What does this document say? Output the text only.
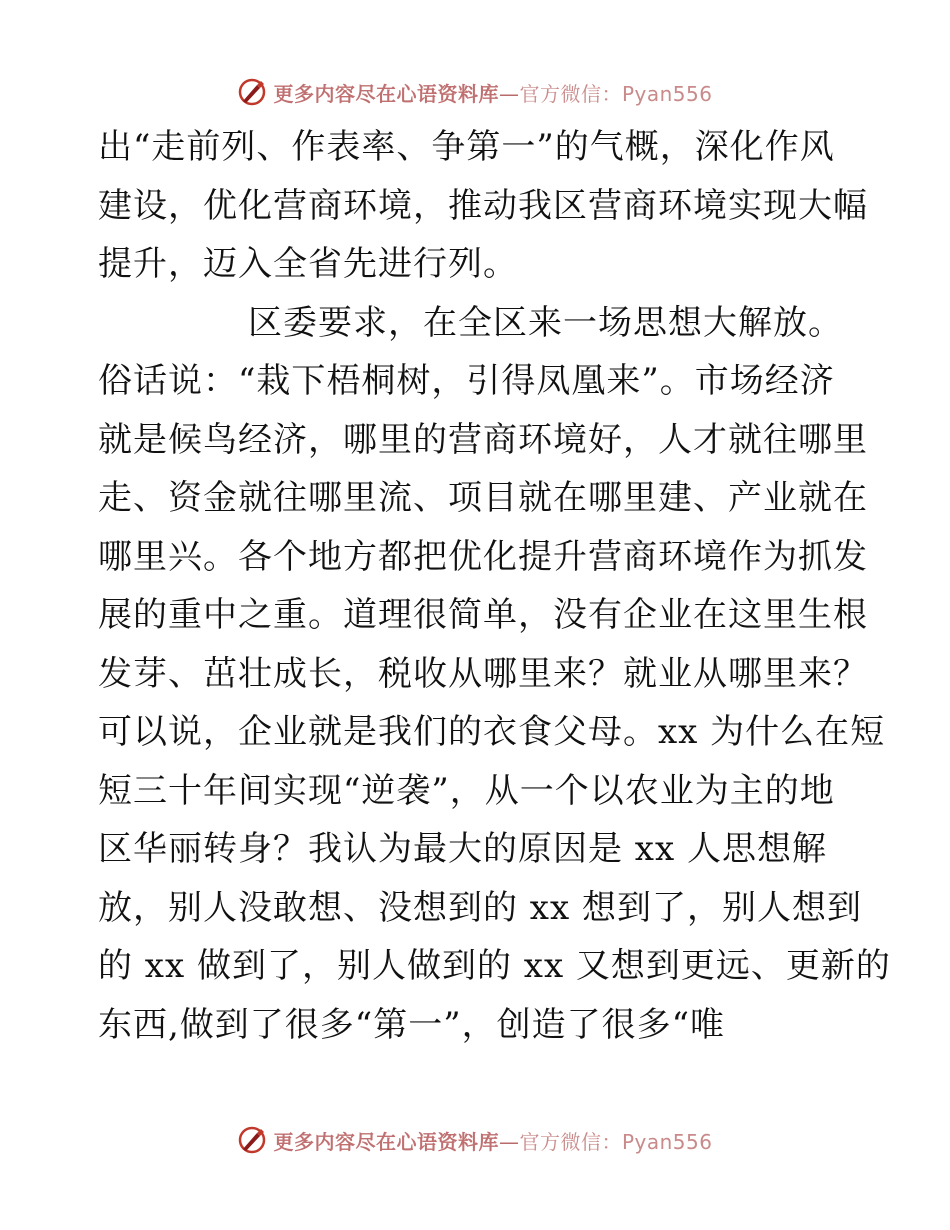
更多内容尽在心语资料库—官方微信：Pyan556
出“走前列、作表率、争第一”的气概，深化作风
建设，优化营商环境，推动我区营商环境实现大幅
提升，迈入全省先进行列。
区委要求，在全区来一场思想大解放。
俗话说：“栽下梧桐树，引得凤凰来”。市场经济
就是候鸟经济，哪里的营商环境好，人才就往哪里
走、资金就往哪里流、项目就在哪里建、产业就在
哪里兴。各个地方都把优化提升营商环境作为抓发
展的重中之重。道理很简单，没有企业在这里生根
发芽、茁壮成长，税收从哪里来？就业从哪里来？
可以说，企业就是我们的衣食父母。xx 为什么在短
短三十年间实现“逆袭”，从一个以农业为主的地
区华丽转身？我认为最大的原因是 xx 人思想解
放，别人没敢想、没想到的 xx 想到了，别人想到
的 xx 做到了，别人做到的 xx 又想到更远、更新的
东西,做到了很多“第一”，创造了很多“唯
更多内容尽在心语资料库—官方微信：Pyan556
